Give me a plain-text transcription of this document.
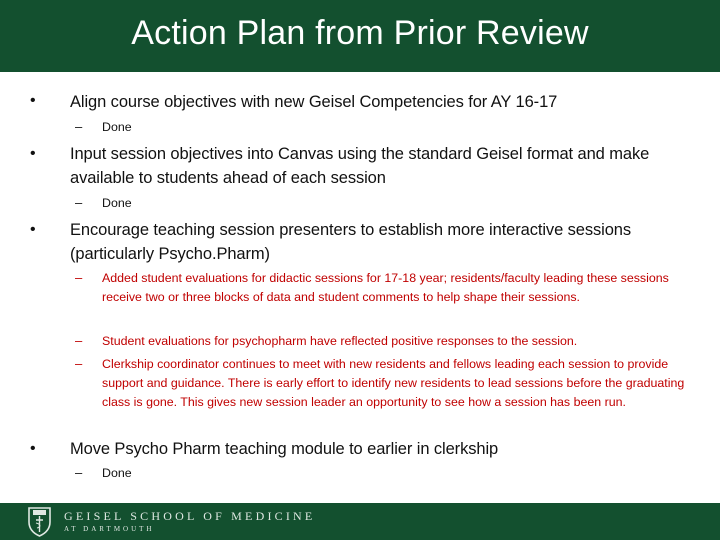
Action Plan from Prior Review
• Align course objectives with new Geisel Competencies for AY 16-17
– Done
• Input session objectives into Canvas using the standard Geisel format and make available to students ahead of each session
– Done
• Encourage teaching session presenters to establish more interactive sessions (particularly Psycho.Pharm)
– Added student evaluations for didactic sessions for 17-18 year; residents/faculty leading these sessions receive two or three blocks of data and student comments to help shape their sessions.
– Student evaluations for psychopharm have reflected positive responses to the session.
– Clerkship coordinator continues to meet with new residents and fellows leading each session to provide support and guidance. There is early effort to identify new residents to lead sessions before the graduating class is gone. This gives new session leader an opportunity to see how a session has been run.
• Move Psycho Pharm teaching module to earlier in clerkship
– Done
GEISEL SCHOOL OF MEDICINE
AT DARTMOUTH
